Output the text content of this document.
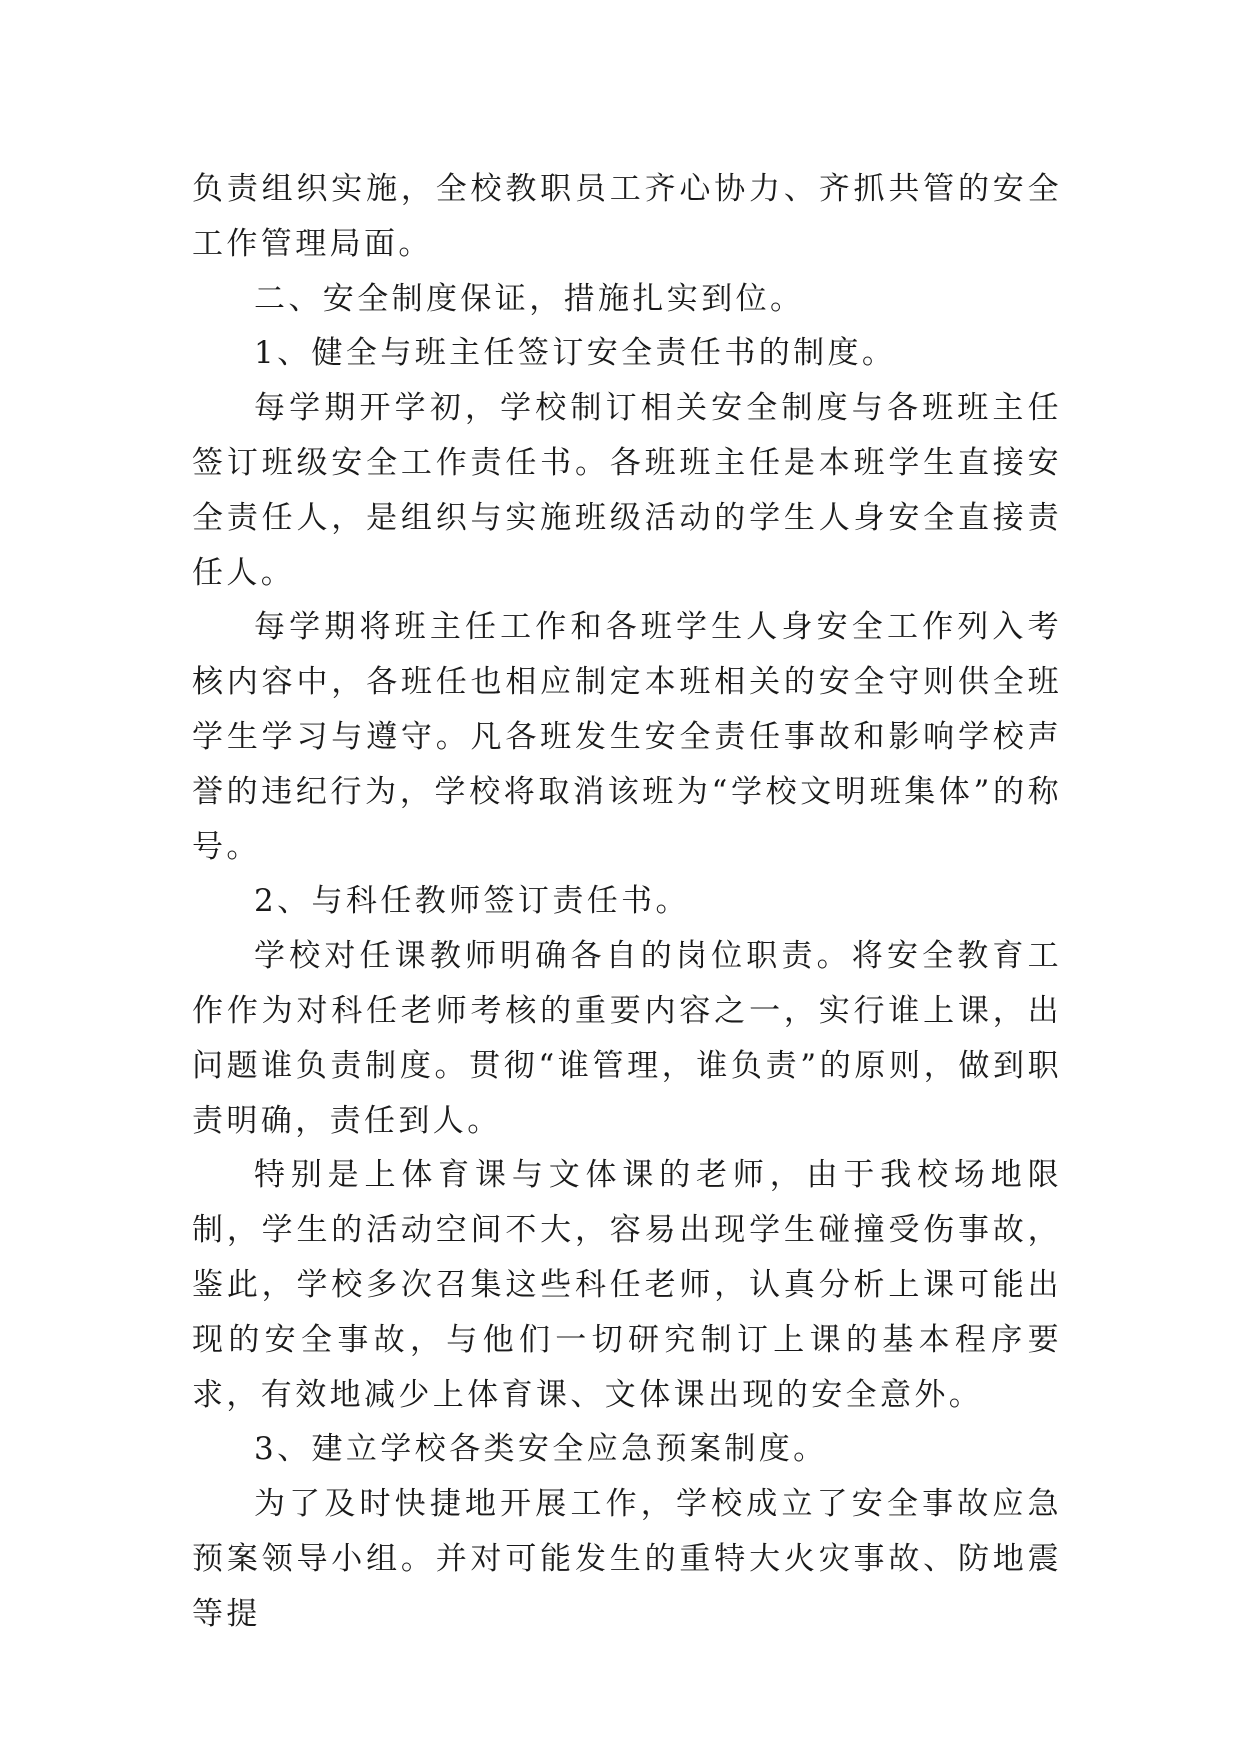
负责组织实施，全校教职员工齐心协力、齐抓共管的安全工作管理局面。

二、安全制度保证，措施扎实到位。

1、健全与班主任签订安全责任书的制度。

每学期开学初，学校制订相关安全制度与各班班主任签订班级安全工作责任书。各班班主任是本班学生直接安全责任人，是组织与实施班级活动的学生人身安全直接责任人。

每学期将班主任工作和各班学生人身安全工作列入考核内容中，各班任也相应制定本班相关的安全守则供全班学生学习与遵守。凡各班发生安全责任事故和影响学校声誉的违纪行为，学校将取消该班为“学校文明班集体”的称号。

2、与科任教师签订责任书。

学校对任课教师明确各自的岗位职责。将安全教育工作作为对科任老师考核的重要内容之一，实行谁上课，出问题谁负责制度。贯彻“谁管理，谁负责”的原则，做到职责明确，责任到人。

特别是上体育课与文体课的老师，由于我校场地限制，学生的活动空间不大，容易出现学生碰撞受伤事故，鉴此，学校多次召集这些科任老师，认真分析上课可能出现的安全事故，与他们一切研究制订上课的基本程序要求，有效地减少上体育课、文体课出现的安全意外。

3、建立学校各类安全应急预案制度。

为了及时快捷地开展工作，学校成立了安全事故应急预案领导小组。并对可能发生的重特大火灾事故、防地震等提
